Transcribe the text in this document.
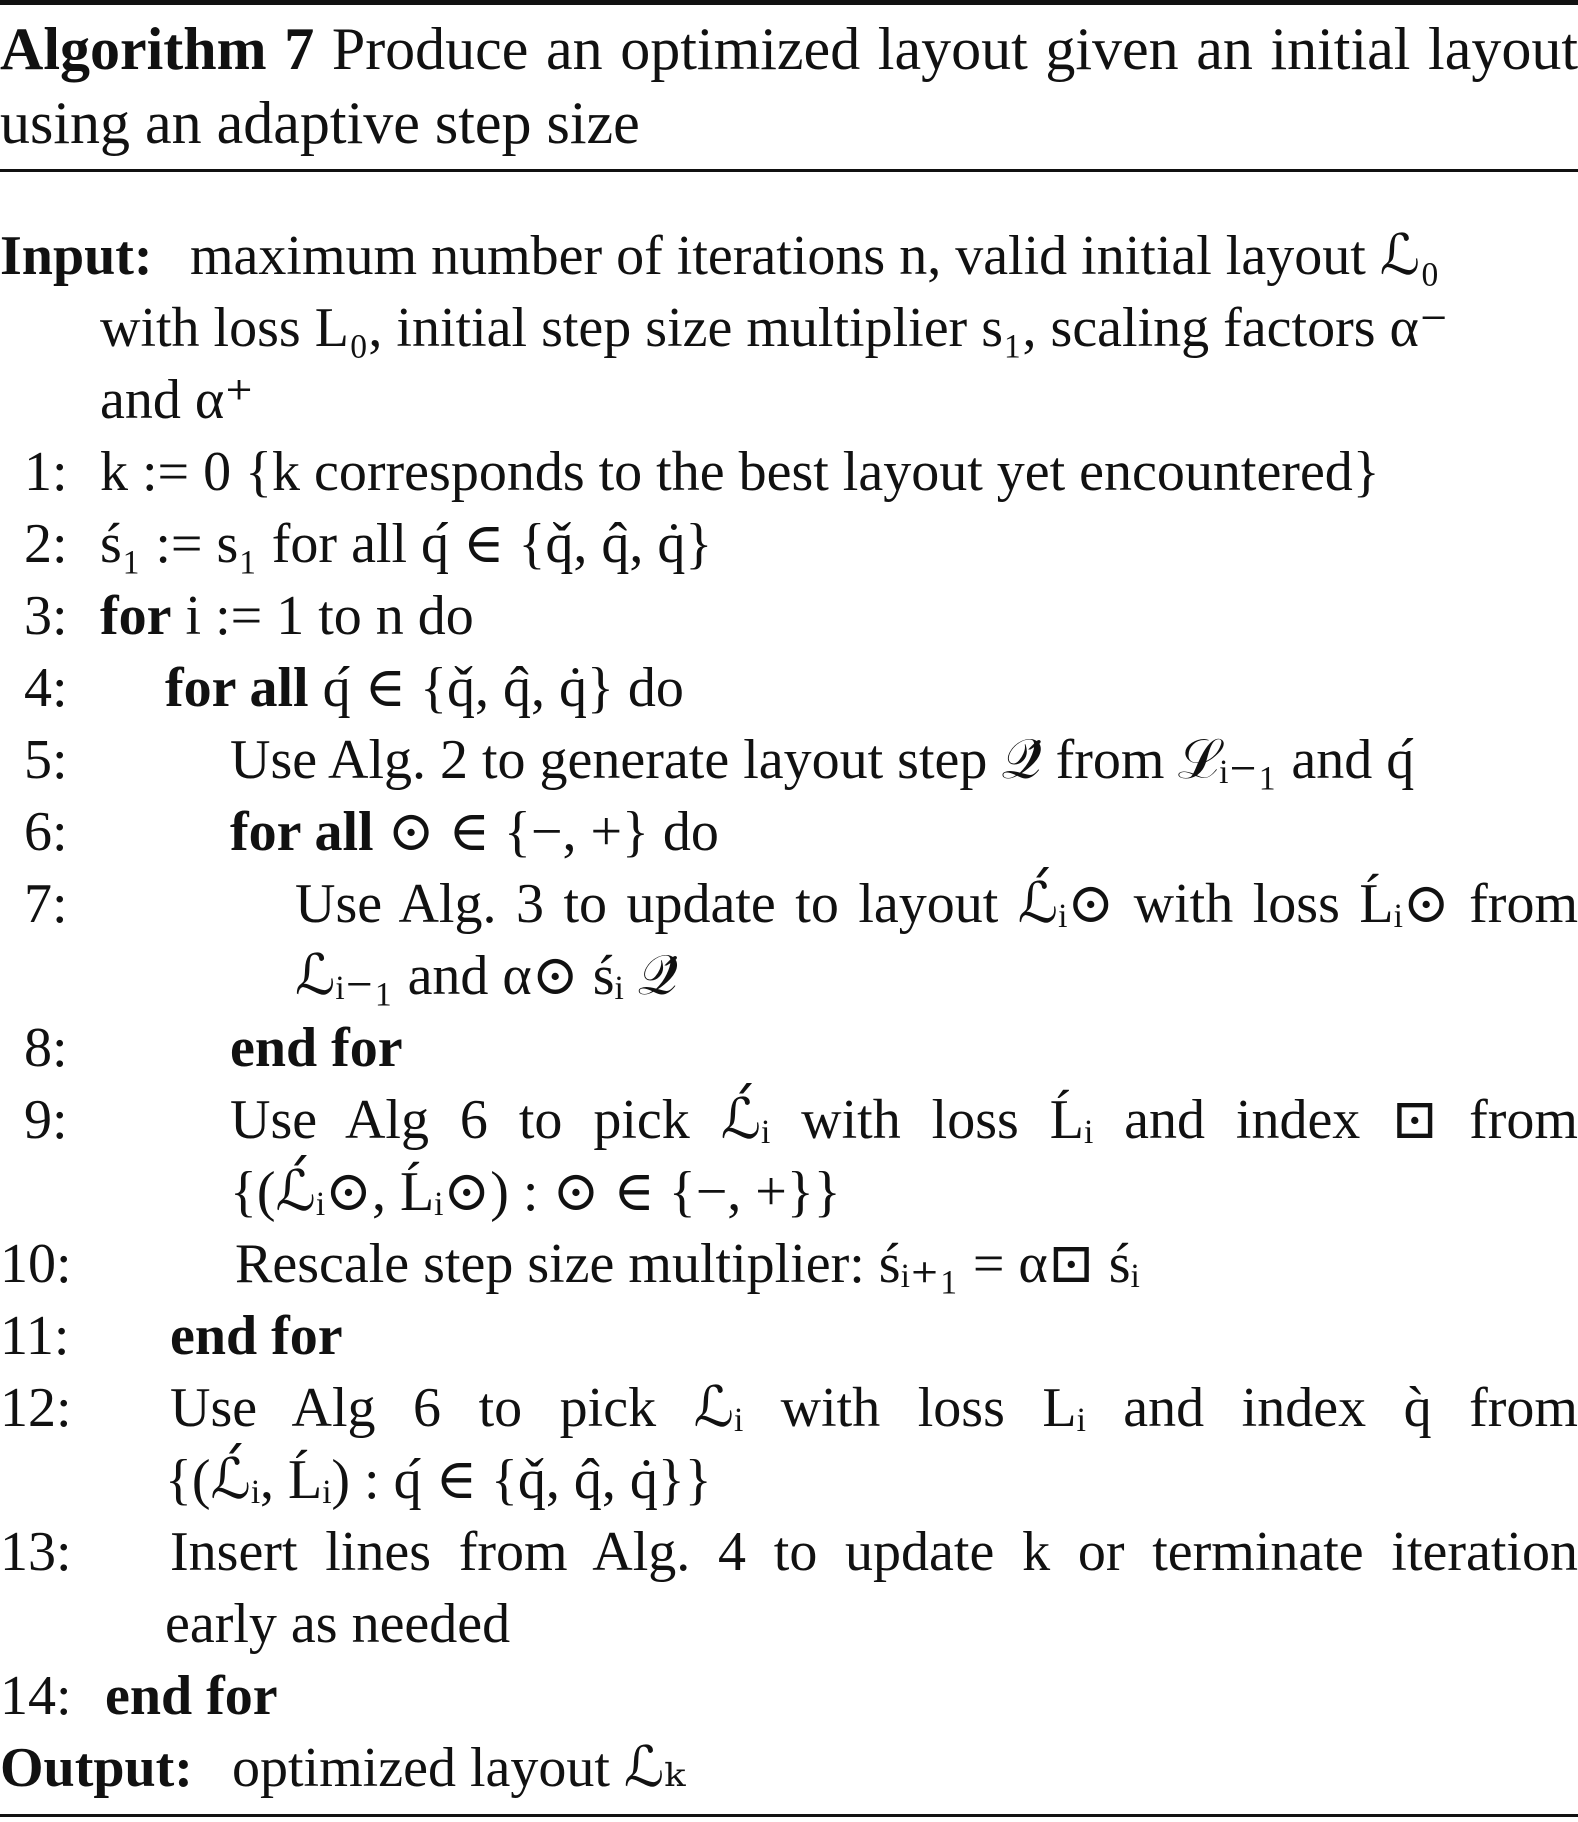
Algorithm 7 Produce an optimized layout given an initial layout using an adaptive step size
Input: maximum number of iterations n, valid initial layout ℒ₀
with loss L₀, initial step size multiplier s₁, scaling factors α⁻
and α⁺
1: k := 0 {k corresponds to the best layout yet encountered}
2: ś₁ := s₁ for all q́ ∈ {q̌, q̂, q̇}
3: for i := 1 to n do
4: for all q́ ∈ {q̌, q̂, q̇} do
5:	Use Alg. 2 to generate layout step 𝒬́ from ℒᵢ₋₁ and q́
6:	for all ⊙ ∈ {−, +} do
7:	Use Alg. 3 to update to layout ℒ́ᵢ⊙ with loss Ĺᵢ⊙ from
ℒᵢ₋₁ and α⊙ śᵢ 𝒬́
8:	end for
9:	Use Alg 6 to pick ℒ́ᵢ with loss Ĺᵢ and index ⊡ from
{(ℒ́ᵢ⊙, Ĺᵢ⊙) : ⊙ ∈ {−, +}}
10:	Rescale step size multiplier: śᵢ₊₁ = α⊡ śᵢ
11: end for
12: Use Alg 6 to pick ℒᵢ with loss Lᵢ and index q̀ from
{(ℒ́ᵢ, Ĺᵢ) : q́ ∈ {q̌, q̂, q̇}}
13: Insert lines from Alg. 4 to update k or terminate iteration
early as needed
14: end for
Output: optimized layout ℒₖ
